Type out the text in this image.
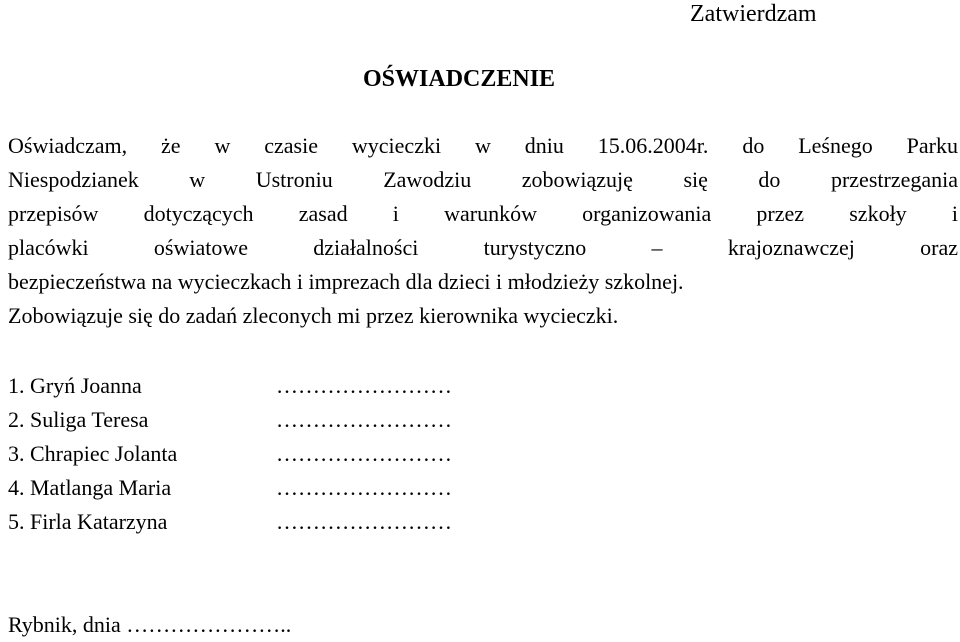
Zatwierdzam
OŚWIADCZENIE
Oświadczam, że w czasie wycieczki w dniu 15.06.2004r. do Leśnego Parku
Niespodzianek w Ustroniu Zawodziu zobowiązuję się do przestrzegania
przepisów dotyczących zasad i warunków organizowania przez szkoły i
placówki oświatowe działalności turystyczno – krajoznawczej oraz
bezpieczeństwa na wycieczkach i imprezach dla dzieci i młodzieży szkolnej.
Zobowiązuje się do zadań zleconych mi przez kierownika wycieczki.
1. Gryń Joanna	……………………
2. Suliga Teresa	……………………
3. Chrapiec Jolanta	……………………
4. Matlanga Maria	……………………
5. Firla Katarzyna	……………………
Rybnik, dnia …………………..
